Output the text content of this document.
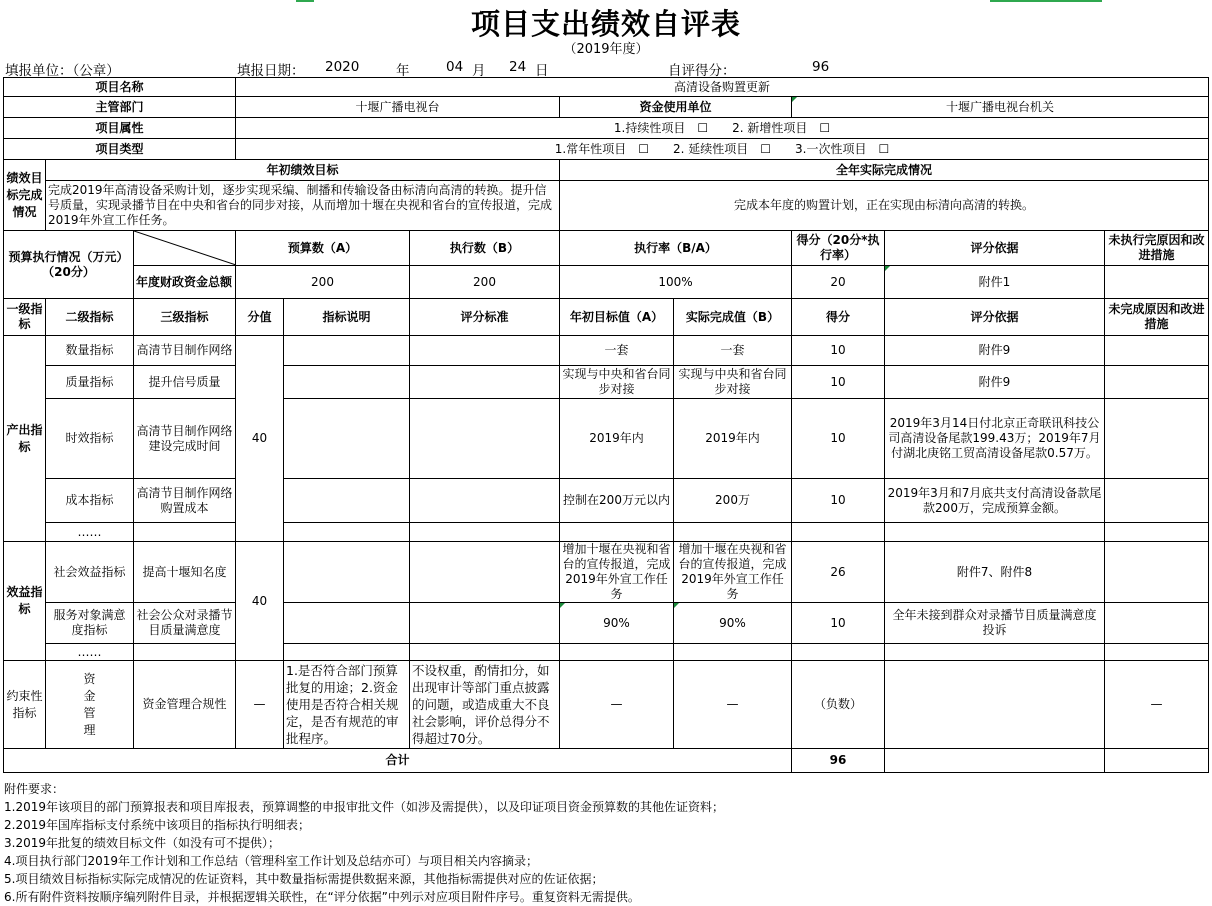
项目支出绩效自评表
（2019年度）
填报单位：（公章）	填报日期： 2020	年	04 月 24 日	自评得分：	96
项目名称			高清设备购置更新							
主管部门			十堰广播电视台			资金使用单位		十堰广播电视台机关		
项目属性			1.持续性项目　☐　　2. 新增性项目　☐							
项目类型			1.常年性项目　☐　　2. 延续性项目　☐　　3.一次性项目　☐							
绩效目标完成情况	年初绩效目标					全年实际完成情况				
	完成2019年高清设备采购计划，逐步实现采编、制播和传输设备由标清向高清的转换。提升信号质量，实现录播节目在中央和省台的同步对接，从而增加十堰在央视和省台的宣传报道，完成2019年外宣工作任务。					完成本年度的购置计划，正在实现由标清向高清的转换。				
预算执行情况（万元）（20分）			预算数（A）		执行数（B）	执行率（B/A）		得分（20分*执行率）	评分依据	未执行完原因和改进措施
		年度财政资金总额	200		200	100%		20	附件1	
一级指标	二级指标	三级指标	分值	指标说明	评分标准	年初目标值（A）	实际完成值（B）	得分	评分依据	未完成原因和改进措施
产出指标	数量指标	高清节目制作网络	40			一套	一套	10	附件9	
	质量指标	提升信号质量				实现与中央和省台同步对接	实现与中央和省台同步对接	10	附件9	
	时效指标	高清节目制作网络建设完成时间				2019年内	2019年内	10	2019年3月14日付北京正奇联讯科技公司高清设备尾款199.43万；2019年7月付湖北庚铭工贸高清设备尾款0.57万。	
	成本指标	高清节目制作网络购置成本				控制在200万元以内	200万	10	2019年3月和7月底共支付高清设备款尾款200万，完成预算金额。	
	……									
效益指标	社会效益指标	提高十堰知名度	40			增加十堰在央视和省台的宣传报道，完成2019年外宣工作任务	增加十堰在央视和省台的宣传报道，完成2019年外宣工作任务	26	附件7、附件8	
	服务对象满意度指标	社会公众对录播节目质量满意度				90%	90%	10	全年未接到群众对录播节目质量满意度投诉	
	……									
约束性指标	资金管理	资金管理合规性	—	1.是否符合部门预算批复的用途；2.资金使用是否符合相关规定，是否有规范的审批程序。	不设权重，酌情扣分，如出现审计等部门重点披露的问题，或造成重大不良社会影响，评价总得分不得超过70分。	—	—	（负数）		—
合计								96		
附件要求：
1.2019年该项目的部门预算报表和项目库报表，预算调整的申报审批文件（如涉及需提供），以及印证项目资金预算数的其他佐证资料；
2.2019年国库指标支付系统中该项目的指标执行明细表；
3.2019年批复的绩效目标文件（如没有可不提供）；
4.项目执行部门2019年工作计划和工作总结（管理科室工作计划及总结亦可）与项目相关内容摘录；
5.项目绩效目标指标实际完成情况的佐证资料，其中数量指标需提供数据来源，其他指标需提供对应的佐证依据；
6.所有附件资料按顺序编列附件目录，并根据逻辑关联性，在“评分依据”中列示对应项目附件序号。重复资料无需提供。
